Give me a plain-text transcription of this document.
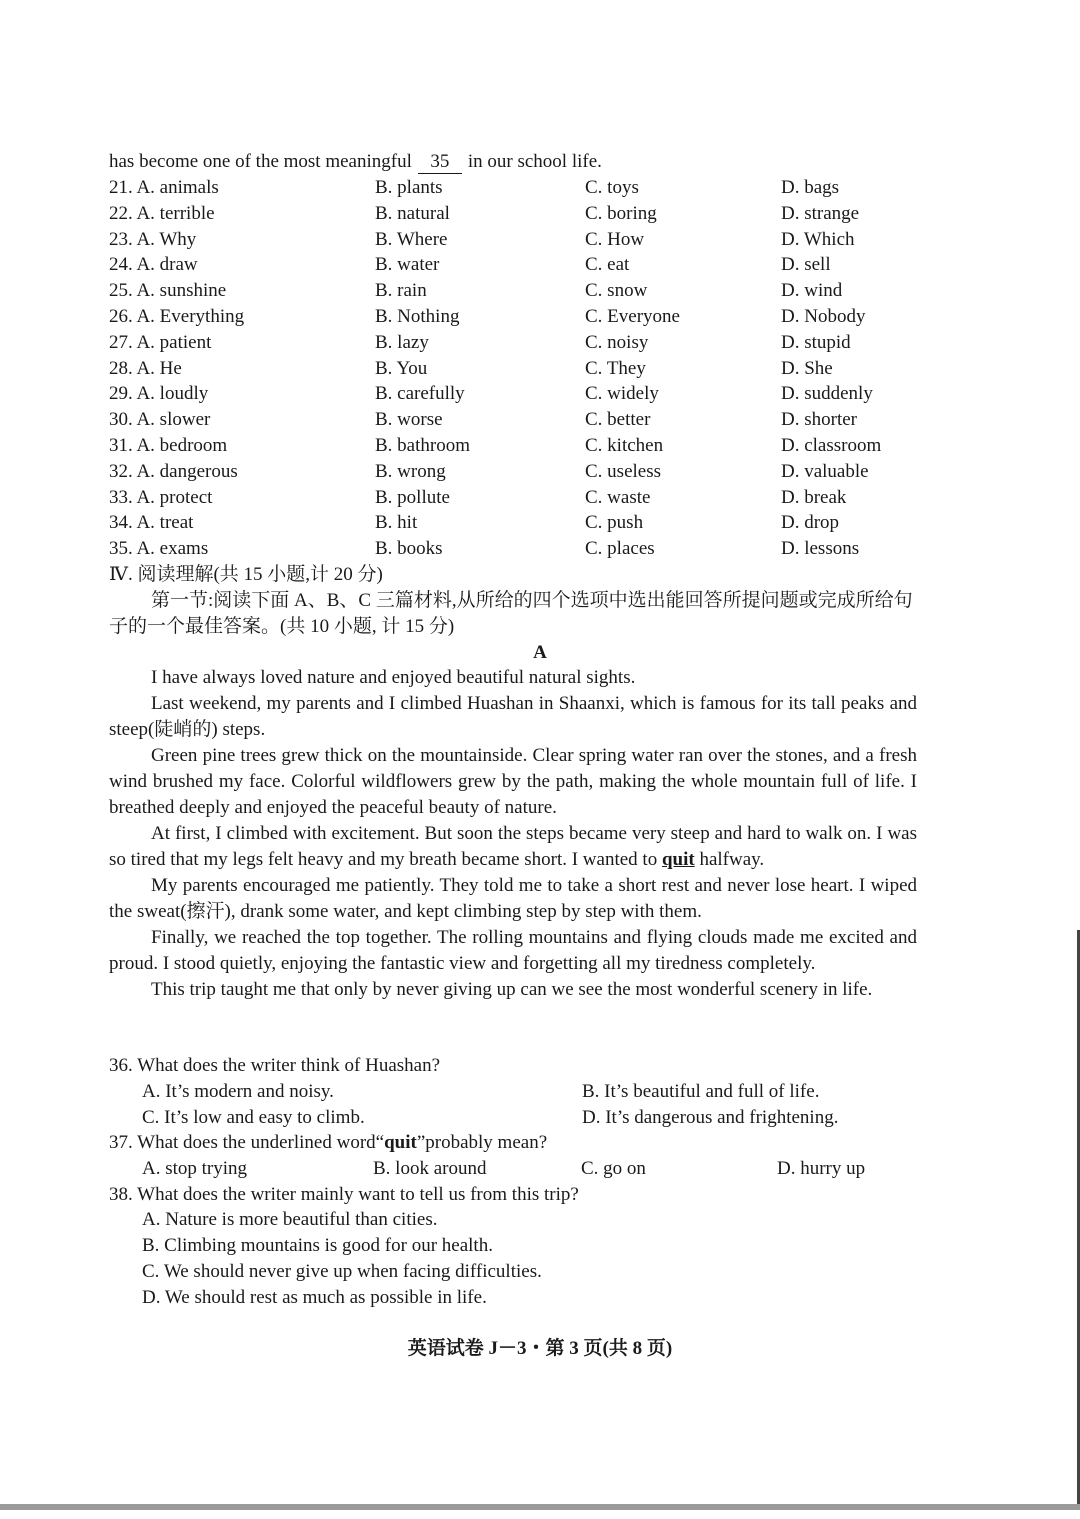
has become one of the most meaningful 35 in our school life.
21. A. animals	B. plants	C. toys	D. bags
22. A. terrible	B. natural	C. boring	D. strange
23. A. Why	B. Where	C. How	D. Which
24. A. draw	B. water	C. eat	D. sell
25. A. sunshine	B. rain	C. snow	D. wind
26. A. Everything	B. Nothing	C. Everyone	D. Nobody
27. A. patient	B. lazy	C. noisy	D. stupid
28. A. He	B. You	C. They	D. She
29. A. loudly	B. carefully	C. widely	D. suddenly
30. A. slower	B. worse	C. better	D. shorter
31. A. bedroom	B. bathroom	C. kitchen	D. classroom
32. A. dangerous	B. wrong	C. useless	D. valuable
33. A. protect	B. pollute	C. waste	D. break
34. A. treat	B. hit	C. push	D. drop
35. A. exams	B. books	C. places	D. lessons
Ⅳ. 阅读理解(共 15 小题,计 20 分)
第一节:阅读下面 A、B、C 三篇材料,从所给的四个选项中选出能回答所提问题或完成所给句子的一个最佳答案。(共 10 小题, 计 15 分)
A

I have always loved nature and enjoyed beautiful natural sights.

Last weekend, my parents and I climbed Huashan in Shaanxi, which is famous for its tall peaks and steep(陡峭的) steps.

Green pine trees grew thick on the mountainside. Clear spring water ran over the stones, and a fresh wind brushed my face. Colorful wildflowers grew by the path, making the whole mountain full of life. I breathed deeply and enjoyed the peaceful beauty of nature.

At first, I climbed with excitement. But soon the steps became very steep and hard to walk on. I was so tired that my legs felt heavy and my breath became short. I wanted to quit halfway.

My parents encouraged me patiently. They told me to take a short rest and never lose heart. I wiped the sweat(擦汗), drank some water, and kept climbing step by step with them.

Finally, we reached the top together. The rolling mountains and flying clouds made me excited and proud. I stood quietly, enjoying the fantastic view and forgetting all my tiredness completely.

This trip taught me that only by never giving up can we see the most wonderful scenery in life.

36. What does the writer think of Huashan?
A. It’s modern and noisy.	B. It’s beautiful and full of life.
C. It’s low and easy to climb.	D. It’s dangerous and frightening.
37. What does the underlined word“quit”probably mean?
A. stop trying	B. look around	C. go on	D. hurry up
38. What does the writer mainly want to tell us from this trip?
A. Nature is more beautiful than cities.
B. Climbing mountains is good for our health.
C. We should never give up when facing difficulties.
D. We should rest as much as possible in life.
英语试卷 J－3・第 3 页(共 8 页)
